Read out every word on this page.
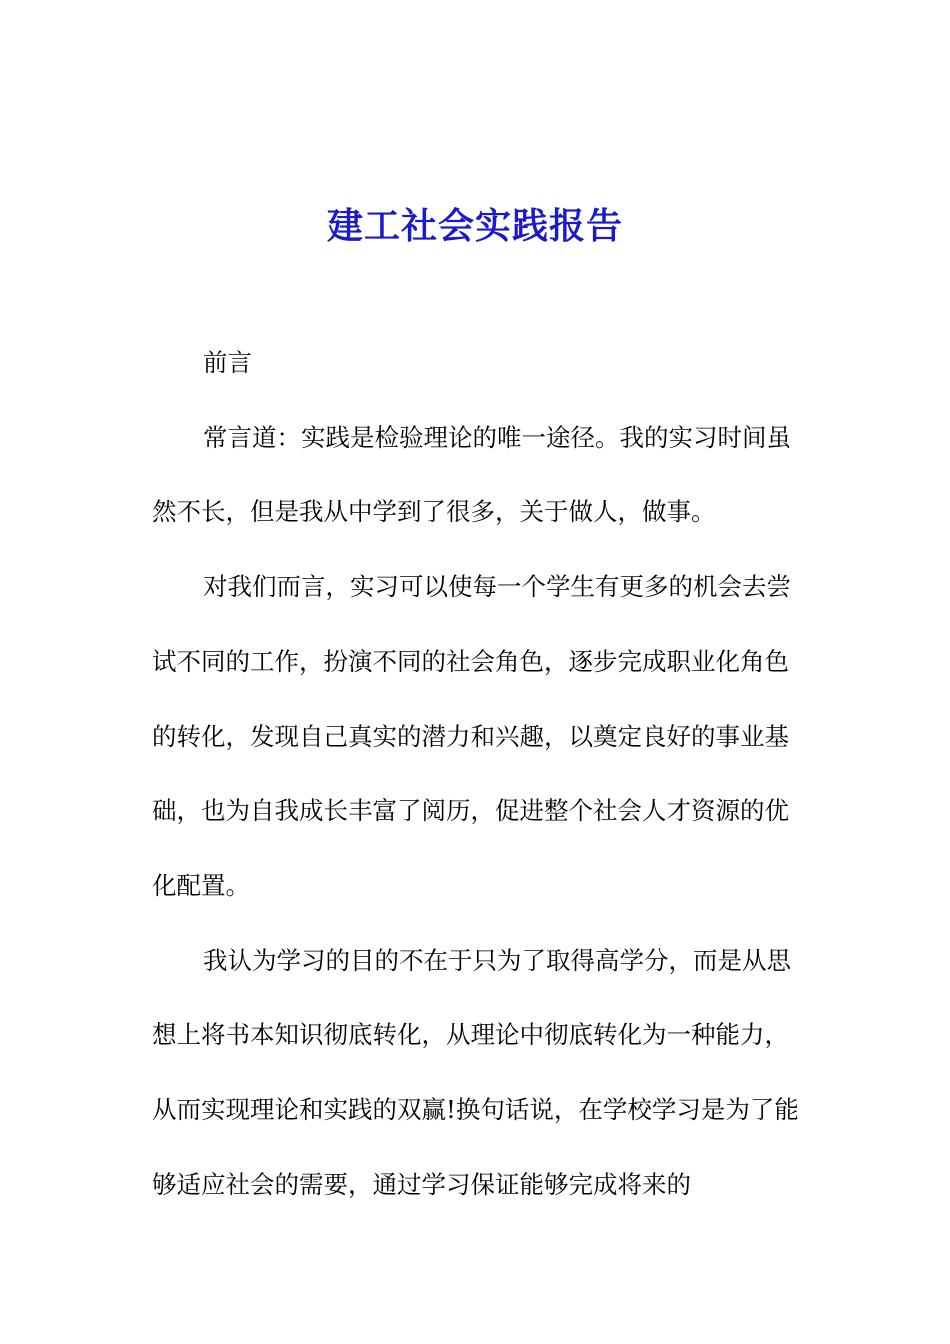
建工社会实践报告

前言

常言道：实践是检验理论的唯一途径。我的实习时间虽然不长，但是我从中学到了很多，关于做人，做事。

对我们而言，实习可以使每一个学生有更多的机会去尝试不同的工作，扮演不同的社会角色，逐步完成职业化角色的转化，发现自己真实的潜力和兴趣，以奠定良好的事业基础，也为自我成长丰富了阅历，促进整个社会人才资源的优化配置。

我认为学习的目的不在于只为了取得高学分，而是从思想上将书本知识彻底转化，从理论中彻底转化为一种能力，从而实现理论和实践的双赢!换句话说，在学校学习是为了能够适应社会的需要，通过学习保证能够完成将来的
